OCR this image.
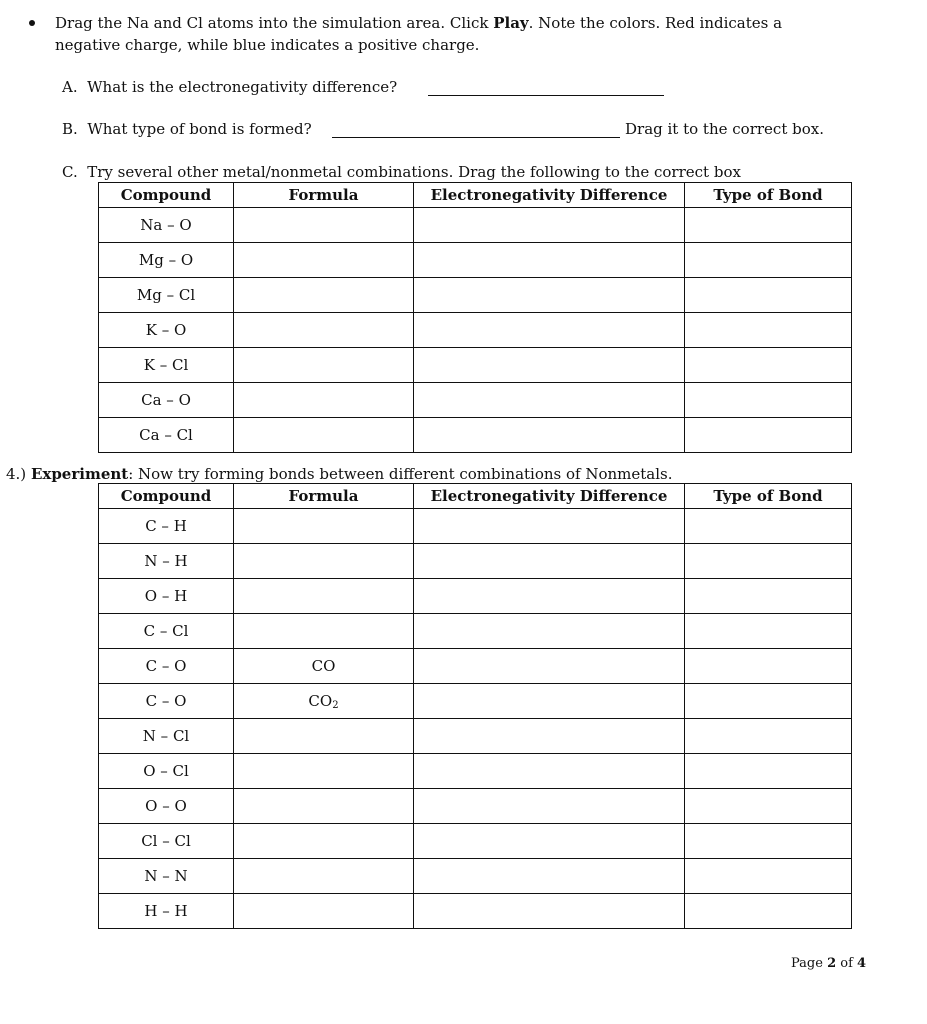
Drag the Na and Cl atoms into the simulation area. Click Play. Note the colors. Red indicates a
negative charge, while blue indicates a positive charge.
A.  What is the electronegativity difference?
B.  What type of bond is formed?	Drag it to the correct box.
C.  Try several other metal/nonmetal combinations. Drag the following to the correct box
Compound	Formula	Electronegativity Difference	Type of Bond
Na – O			
Mg – O			
Mg – Cl			
K – O			
K – Cl			
Ca – O			
Ca – Cl			
4.) Experiment: Now try forming bonds between different combinations of Nonmetals.
Compound	Formula	Electronegativity Difference	Type of Bond
C – H			
N – H			
O – H			
C – Cl			
C – O	CO		
C – O	$CO_2$		
N – Cl			
O – Cl			
O – O			
Cl – Cl			
N – N			
H – H			
Page 2 of 4
